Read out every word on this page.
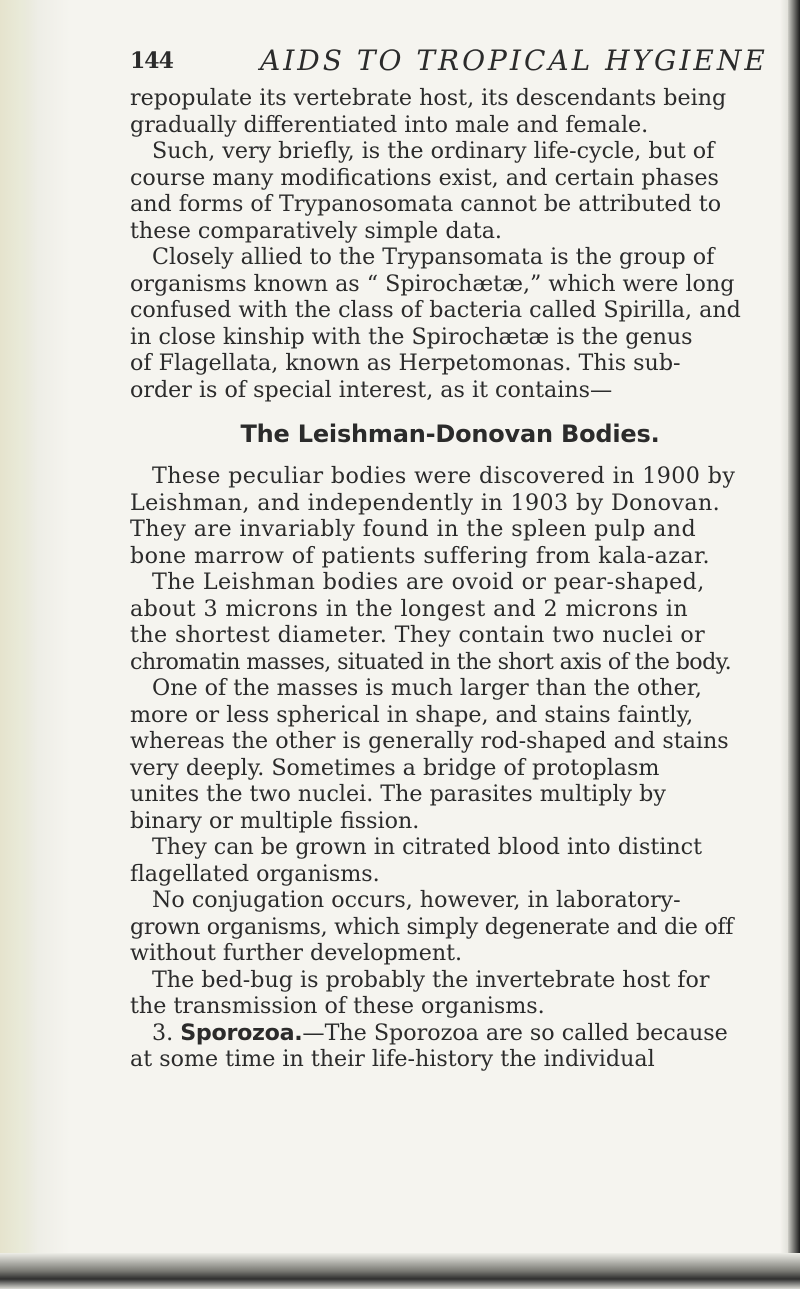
144	AIDS TO TROPICAL HYGIENE
repopulate its vertebrate host, its descendants being
gradually differentiated into male and female.
Such, very briefly, is the ordinary life-cycle, but of
course many modifications exist, and certain phases
and forms of Trypanosomata cannot be attributed to
these comparatively simple data.
Closely allied to the Trypansomata is the group of
organisms known as “ Spirochætæ,” which were long
confused with the class of bacteria called Spirilla, and
in close kinship with the Spirochætæ is the genus
of Flagellata, known as Herpetomonas. This sub-
order is of special interest, as it contains—
The Leishman-Donovan Bodies.
These peculiar bodies were discovered in 1900 by
Leishman, and independently in 1903 by Donovan.
They are invariably found in the spleen pulp and
bone marrow of patients suffering from kala-azar.
The Leishman bodies are ovoid or pear-shaped,
about 3 microns in the longest and 2 microns in
the shortest diameter. They contain two nuclei or
chromatin masses, situated in the short axis of the body.
One of the masses is much larger than the other,
more or less spherical in shape, and stains faintly,
whereas the other is generally rod-shaped and stains
very deeply. Sometimes a bridge of protoplasm
unites the two nuclei. The parasites multiply by
binary or multiple fission.
They can be grown in citrated blood into distinct
flagellated organisms.
No conjugation occurs, however, in laboratory-
grown organisms, which simply degenerate and die off
without further development.
The bed-bug is probably the invertebrate host for
the transmission of these organisms.
3. Sporozoa.—The Sporozoa are so called because
at some time in their life-history the individual
